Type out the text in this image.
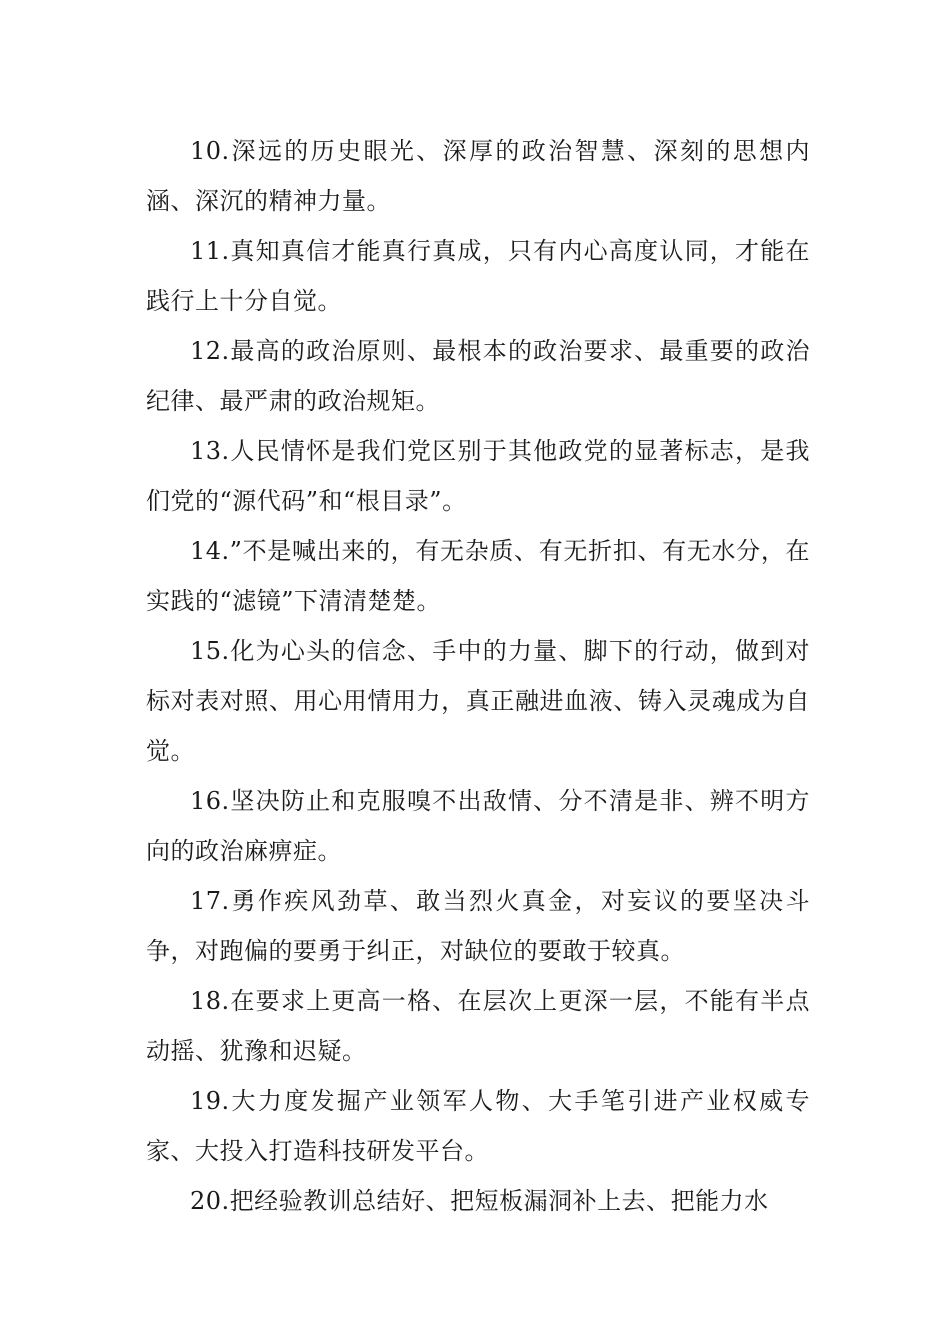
10.深远的历史眼光、深厚的政治智慧、深刻的思想内涵、深沉的精神力量。

11.真知真信才能真行真成，只有内心高度认同，才能在践行上十分自觉。

12.最高的政治原则、最根本的政治要求、最重要的政治纪律、最严肃的政治规矩。

13.人民情怀是我们党区别于其他政党的显著标志，是我们党的“源代码”和“根目录”。

14.”不是喊出来的，有无杂质、有无折扣、有无水分，在实践的“滤镜”下清清楚楚。

15.化为心头的信念、手中的力量、脚下的行动，做到对标对表对照、用心用情用力，真正融进血液、铸入灵魂成为自觉。

16.坚决防止和克服嗅不出敌情、分不清是非、辨不明方向的政治麻痹症。

17.勇作疾风劲草、敢当烈火真金，对妄议的要坚决斗争，对跑偏的要勇于纠正，对缺位的要敢于较真。

18.在要求上更高一格、在层次上更深一层，不能有半点动摇、犹豫和迟疑。

19.大力度发掘产业领军人物、大手笔引进产业权威专家、大投入打造科技研发平台。

20.把经验教训总结好、把短板漏洞补上去、把能力水
